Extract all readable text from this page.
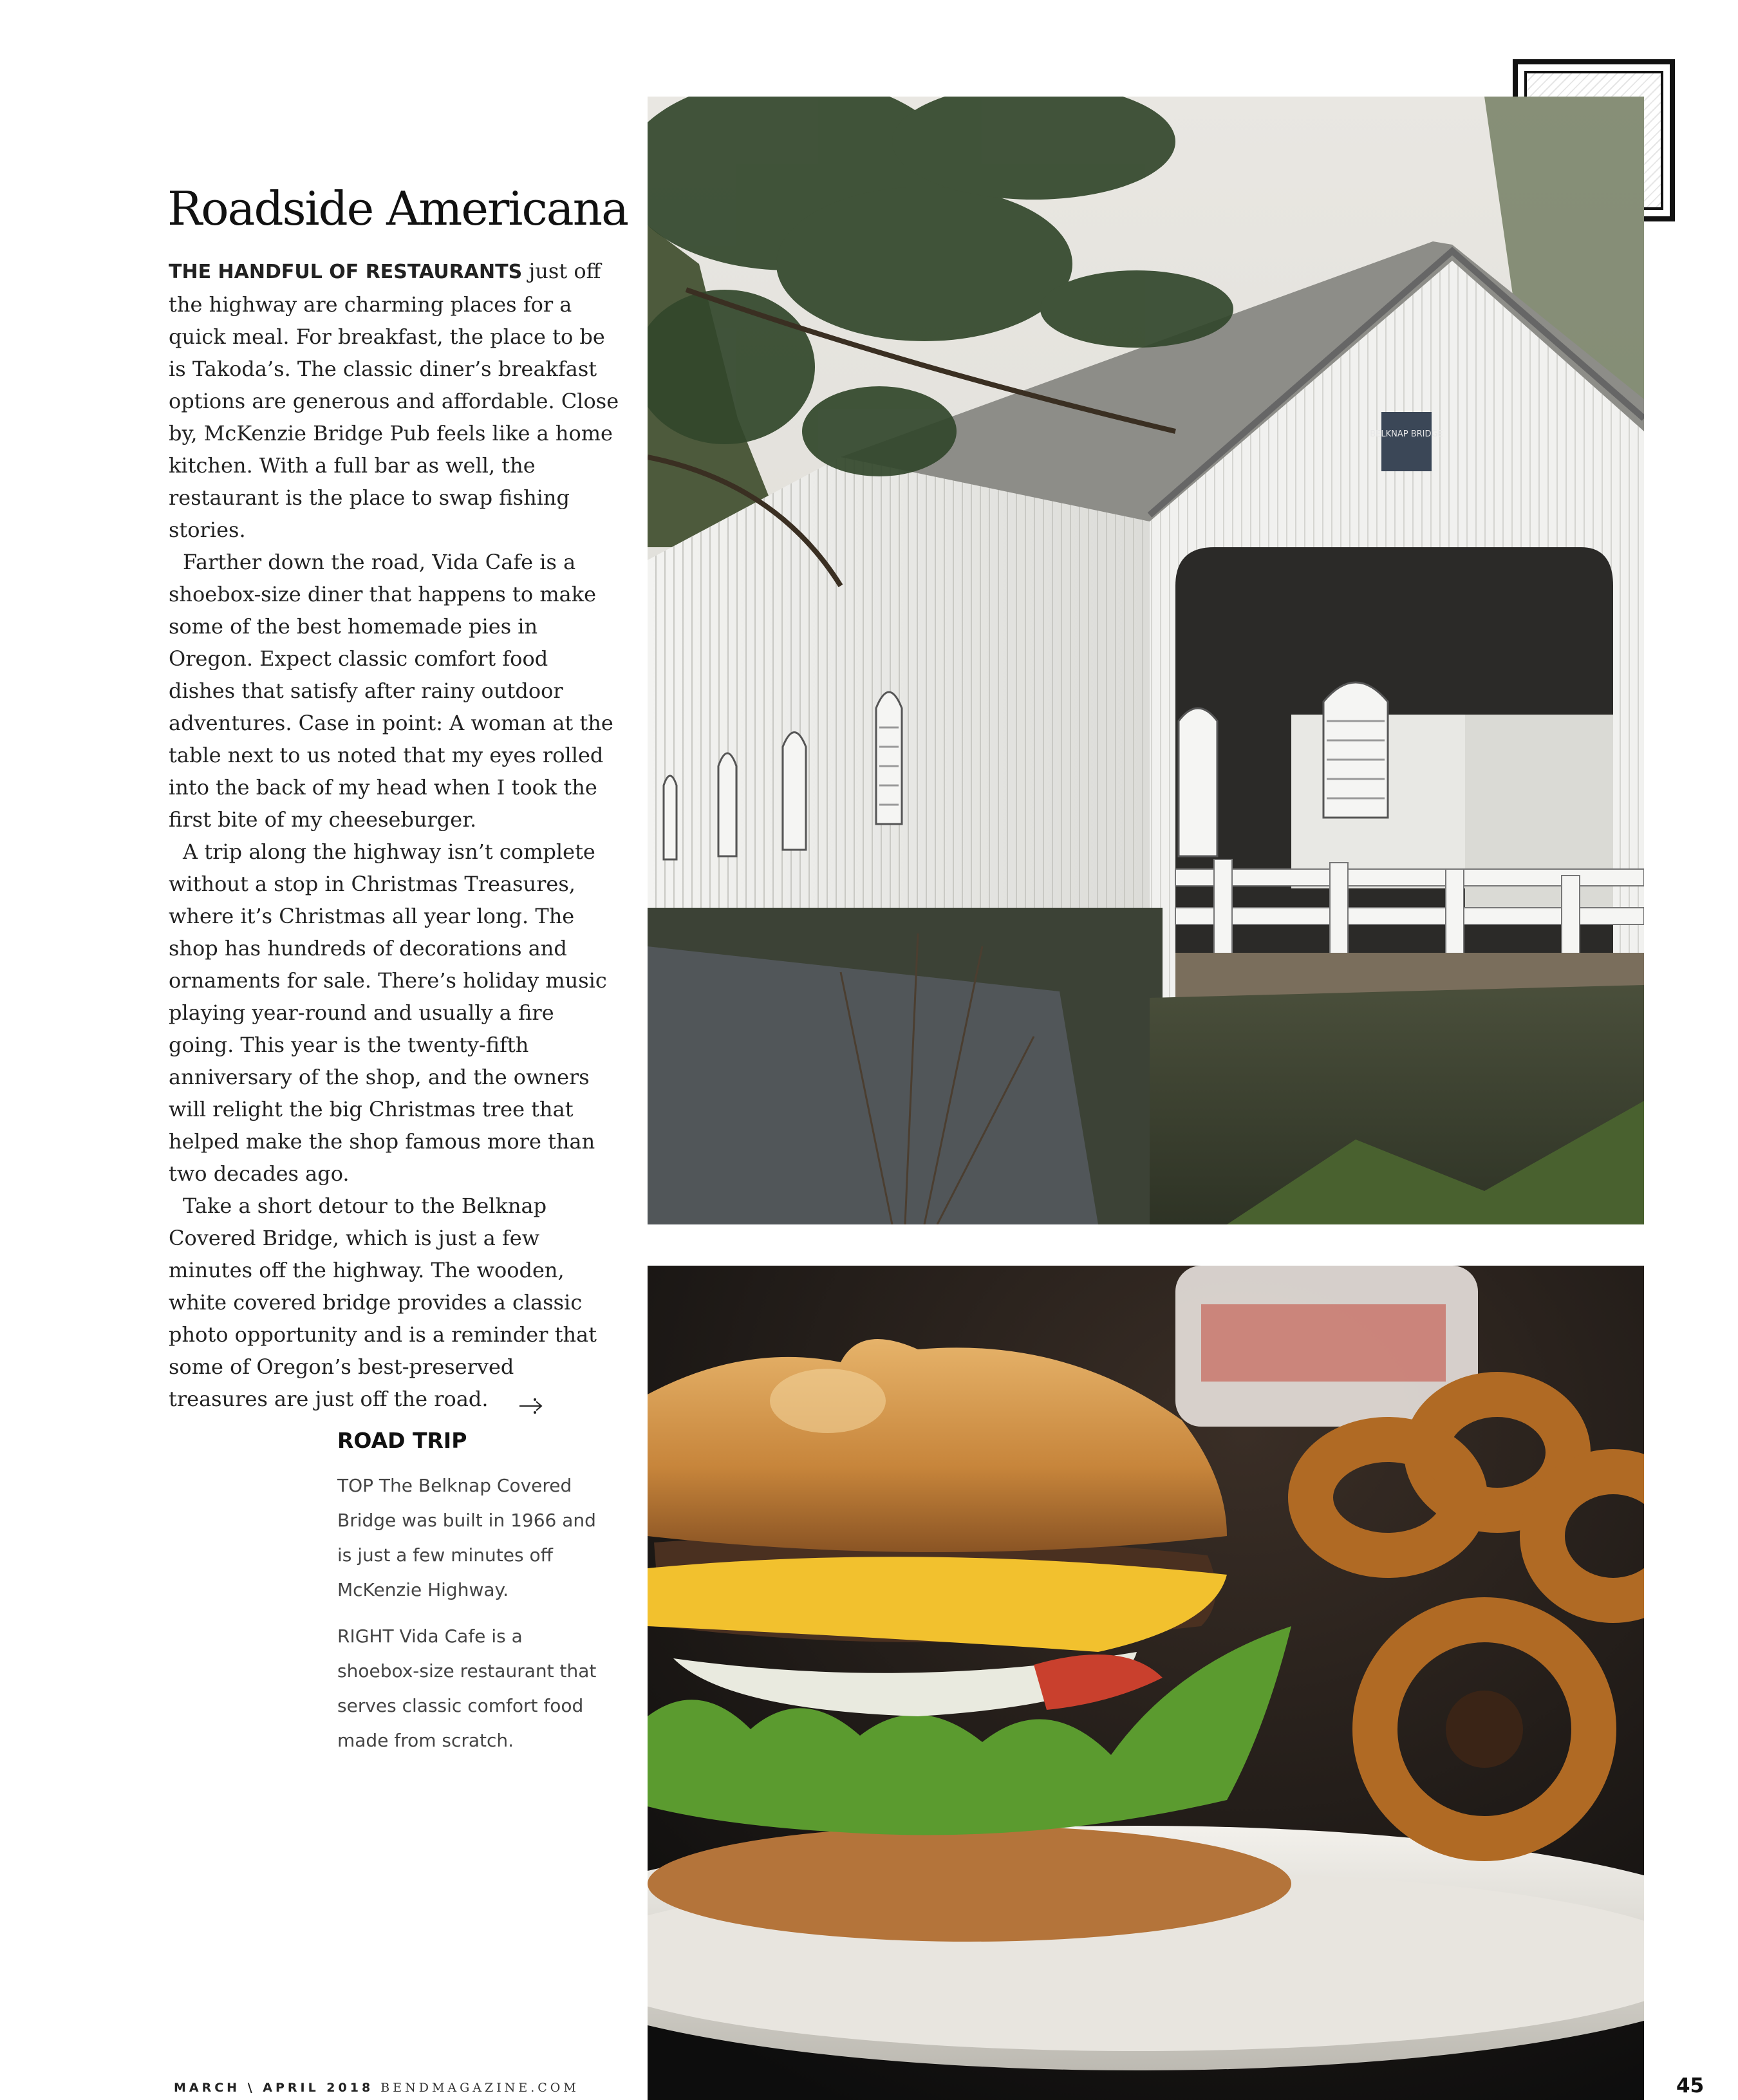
Roadside Americana

THE HANDFUL OF RESTAURANTS just off the highway are charming places for a quick meal. For breakfast, the place to be is Takoda’s. The classic diner’s breakfast options are generous and affordable. Close by, McKenzie Bridge Pub feels like a home kitchen. With a full bar as well, the restaurant is the place to swap fishing stories.

Farther down the road, Vida Cafe is a shoebox-size diner that happens to make some of the best homemade pies in Oregon. Expect classic comfort food dishes that satisfy after rainy outdoor adventures. Case in point: A woman at the table next to us noted that my eyes rolled into the back of my head when I took the first bite of my cheeseburger.

A trip along the highway isn’t complete without a stop in Christmas Treasures, where it’s Christmas all year long. The shop has hundreds of decorations and ornaments for sale. There’s holiday music playing year-round and usually a fire going. This year is the twenty-fifth anniversary of the shop, and the owners will relight the big Christmas tree that helped make the shop famous more than two decades ago.

Take a short detour to the Belknap Covered Bridge, which is just a few minutes off the highway. The wooden, white covered bridge provides a classic photo opportunity and is a reminder that some of Oregon’s best-preserved treasures are just off the road.

BELKNAP BRIDGE
ROAD TRIP

TOP The Belknap Covered Bridge was built in 1966 and is just a few minutes off McKenzie Highway.

RIGHT Vida Cafe is a shoebox-size restaurant that serves classic comfort food made from scratch.

MARCH \ APRIL 2018 BENDMAGAZINE.COM	45
